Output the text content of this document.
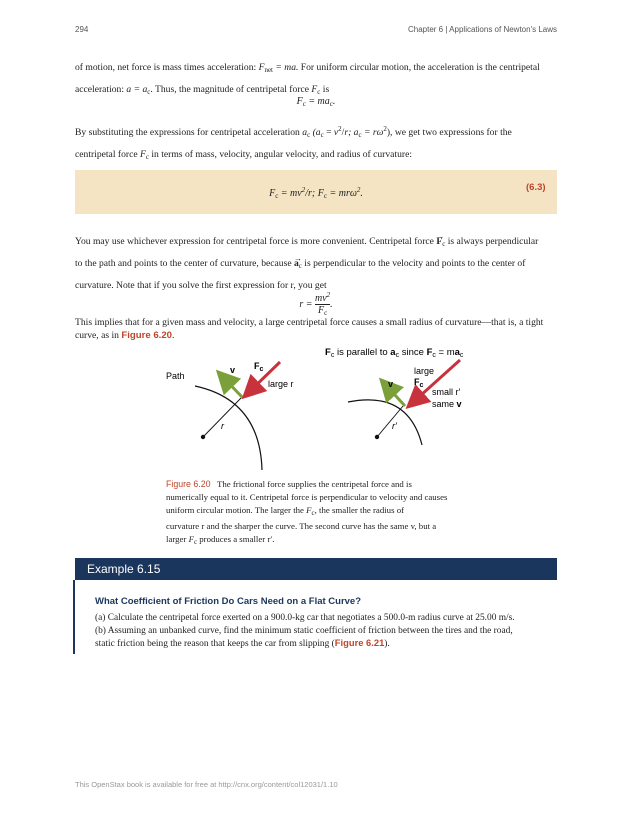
294	Chapter 6 | Applications of Newton's Laws
of motion, net force is mass times acceleration: $F_{net}$ = ma. For uniform circular motion, the acceleration is the centripetal
acceleration: $a = a_c$. Thus, the magnitude of centripetal force $F_c$ is
$F_c = ma_c$.
By substituting the expressions for centripetal acceleration $a_c$ ($a_c = v^2/r$; $a_c = r\omega^2$), we get two expressions for the
centripetal force $F_c$ in terms of mass, velocity, angular velocity, and radius of curvature:
$F_c = mv^2/r$; $F_c = mr\omega^2$.
(6.3)
You may use whichever expression for centripetal force is more convenient. Centripetal force → $F_c$ is always perpendicular
to the path and points to the center of curvature, because → $a_c$ is perpendicular to the velocity and points to the center of
curvature. Note that if you solve the first expression for r, you get
$r = \frac{mv^2}{F_c}$ .
This implies that for a given mass and velocity, a large centripetal force causes a small radius of curvature—that is, a tight
curve, as in Figure 6.20.
$F_c$ is parallel to $a_c$ since $F_c = ma_c$
Path
v $F_c$
large r
r
v
large
$F_c$
small r′
same v
r′
Figure 6.20 The frictional force supplies the centripetal force and is
numerically equal to it. Centripetal force is perpendicular to velocity and causes
uniform circular motion. The larger the $F_c$, the smaller the radius of
curvature r and the sharper the curve. The second curve has the same v, but a
larger $F_c$ produces a smaller r′.
Example 6.15
What Coefficient of Friction Do Cars Need on a Flat Curve?
(a) Calculate the centripetal force exerted on a 900.0-kg car that negotiates a 500.0-m radius curve at 25.00 m/s.
(b) Assuming an unbanked curve, find the minimum static coefficient of friction between the tires and the road,
static friction being the reason that keeps the car from slipping (Figure 6.21).
This OpenStax book is available for free at http://cnx.org/content/col12031/1.10
